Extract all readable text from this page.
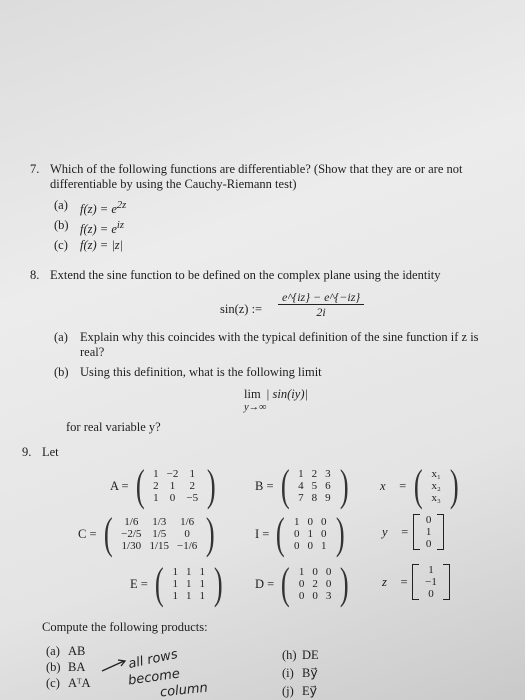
7. Which of the following functions are differentiable? (Show that they are or are not
differentiable by using the Cauchy-Riemann test)
(a) $f(z) = e^{2z}$
(b) $f(z) = e^{iz}$
(c) f(z) = |z|
8. Extend the sine function to be defined on the complex plane using the identity
sin(z) := $\frac{e\^{}\{iz\} - e\^{}\{-iz\}}{2i}$
(a) Explain why this coincides with the typical definition of the sine function if z is
real?
(b) Using this definition, what is the following limit
lim
y→∞
| sin(iy)|
for real variable y?
9. Let
A = ( 1	−2	1
2	1	2
1	0	−5 )	B = ( 1	2	3
4	5	6
7	8	9 )	x⃗ = ( x₁
x₂
x₃ )
C = ( 1/6	1/3	1/6
−2/5	1/5	0
1/30	1/15	−1/6 )	I = ( 1	0	0
0	1	0
0	0	1 )	y⃗ =
0
1
0
E = ( 1	1	1
1	1	1
1	1	1 )	D = ( 1	0	0
0	2	0
0	0	3 )	z⃗ =
1
−1
0
Compute the following products:
(a) AB
(b) BA
(c) AᵀA
(h) DE
(i) By⃗
(j) Ey⃗
all rows
become
column
